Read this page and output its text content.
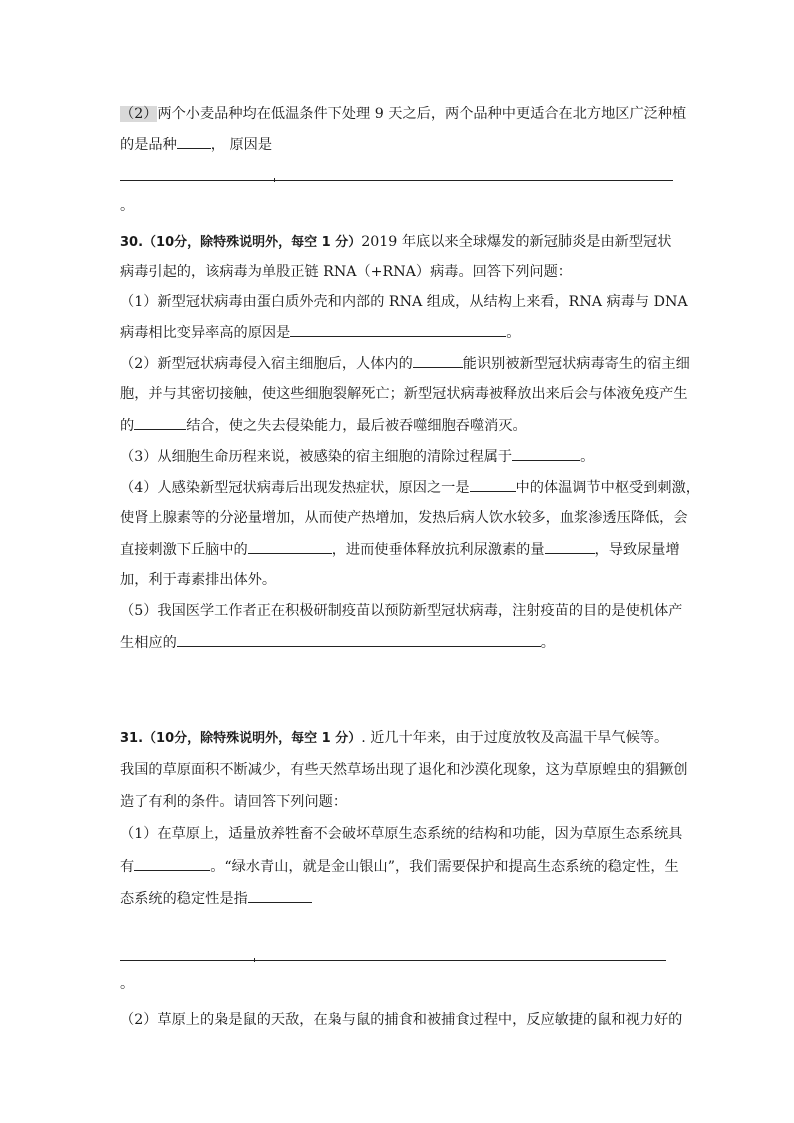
（2）两个小麦品种均在低温条件下处理 9 天之后，两个品种中更适合在北方地区广泛种植
的是品种 ， 原因是
。
30.（10分，除特殊说明外，每空 1 分）2019 年底以来全球爆发的新冠肺炎是由新型冠状
病毒引起的，该病毒为单股正链 RNA（+RNA）病毒。回答下列问题：
（1）新型冠状病毒由蛋白质外壳和内部的 RNA 组成，从结构上来看，RNA 病毒与 DNA
病毒相比变异率高的原因是	。
（2）新型冠状病毒侵入宿主细胞后，人体内的	能识别被新型冠状病毒寄生的宿主细
胞，并与其密切接触，使这些细胞裂解死亡；新型冠状病毒被释放出来后会与体液免疫产生
的	结合，使之失去侵染能力，最后被吞噬细胞吞噬消灭。
（3）从细胞生命历程来说，被感染的宿主细胞的清除过程属于	。
（4）人感染新型冠状病毒后出现发热症状，原因之一是	中的体温调节中枢受到刺激，
使肾上腺素等的分泌量增加，从而使产热增加，发热后病人饮水较多，血浆渗透压降低，会
直接刺激下丘脑中的	，进而使垂体释放抗利尿激素的量	，导致尿量增
加，利于毒素排出体外。
（5）我国医学工作者正在积极研制疫苗以预防新型冠状病毒，注射疫苗的目的是使机体产
生相应的	。
31.（10分，除特殊说明外，每空 1 分）. 近几十年来，由于过度放牧及高温干旱气候等。
我国的草原面积不断减少，有些天然草场出现了退化和沙漠化现象，这为草原蝗虫的猖獗创
造了有利的条件。请回答下列问题：
（1）在草原上，适量放养牲畜不会破坏草原生态系统的结构和功能，因为草原生态系统具
有	。“绿水青山，就是金山银山”，我们需要保护和提高生态系统的稳定性，生
态系统的稳定性是指
。
（2）草原上的枭是鼠的天敌，在枭与鼠的捕食和被捕食过程中，反应敏捷的鼠和视力好的
